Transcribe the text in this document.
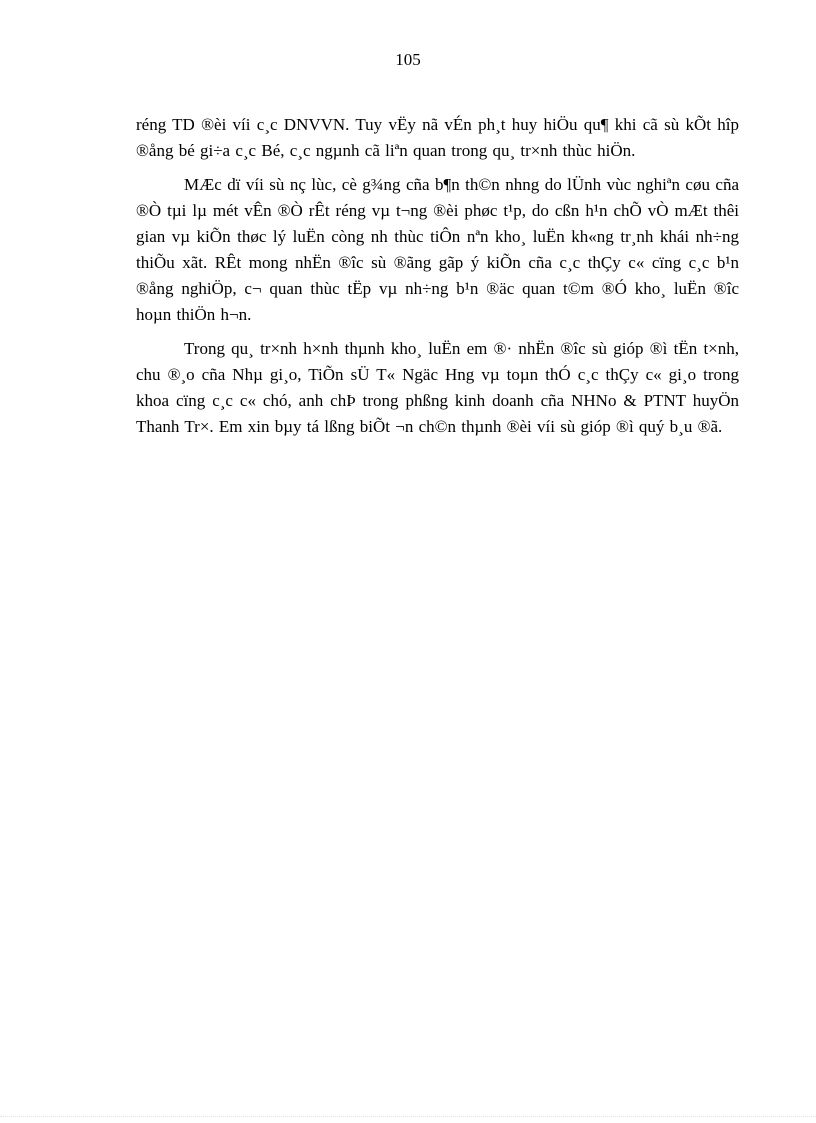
105

réng TD ®èi víi c¸c DNVVN. Tuy vËy nã vÉn ph¸t huy hiÖu qu¶ khi cã sù kÕt hîp ®ång bé gi÷a c¸c Bé, c¸c ngµnh cã liªn quan trong qu¸ tr×nh thùc hiÖn.

MÆc dï víi sù nç lùc, cè g¾ng cña b¶n th©n nhng do lÜnh vùc nghiªn cøu cña ®Ò tµi lµ mét vÊn ®Ò rÊt réng vµ t¬ng ®èi phøc t¹p, do cßn h¹n chÕ vÒ mÆt thêi gian vµ kiÕn thøc lý luËn còng nh thùc tiÔn nªn kho¸ luËn kh«ng tr¸nh khái nh÷ng thiÕu xãt. RÊt mong nhËn ®îc sù ®ãng gãp ý kiÕn cña c¸c thÇy c« cïng c¸c b¹n ®ång nghiÖp, c¬ quan thùc tËp vµ nh÷ng b¹n ®äc quan t©m ®Ó kho¸ luËn ®îc hoµn thiÖn h¬n.

Trong qu¸ tr×nh h×nh thµnh kho¸ luËn em ®· nhËn ®îc sù gióp ®ì tËn t×nh, chu ®¸o cña Nhµ gi¸o, TiÕn sÜ T« Ngäc Hng vµ toµn thÓ c¸c thÇy c« gi¸o trong khoa cïng c¸c c« chó, anh chÞ trong phßng kinh doanh cña NHNo & PTNT huyÖn Thanh Tr×. Em xin bµy tá lßng biÕt ¬n ch©n thµnh ®èi víi sù gióp ®ì quý b¸u ®ã.
